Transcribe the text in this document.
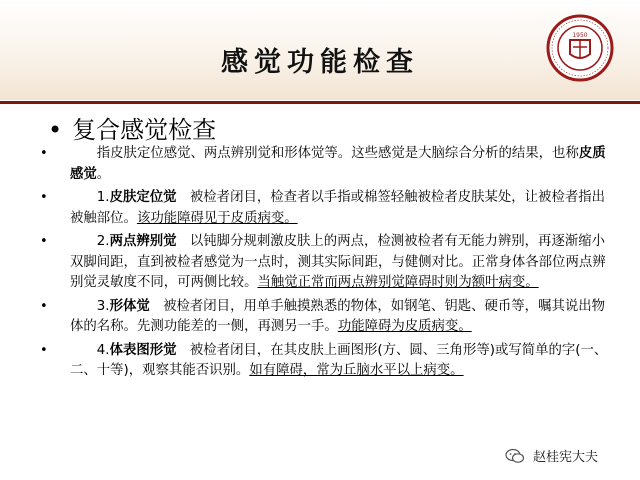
感觉功能检查
1950
• 复合感觉检查
•
  	指皮肤定位感觉、两点辨别觉和形体觉等。这些感觉是大脑综合分析的结果，也称皮质感觉。
•
  	1.皮肤定位觉  被检者闭目，检查者以手指或棉签轻触被检者皮肤某处，让被检者指出被触部位。该功能障碍见于皮质病变。
•
  	2.两点辨别觉  以钝脚分规刺激皮肤上的两点，检测被检者有无能力辨别，再逐渐缩小双脚间距，直到被检者感觉为一点时，测其实际间距，与健侧对比。正常身体各部位两点辨别觉灵敏度不同，可两侧比较。当触觉正常而两点辨别觉障碍时则为额叶病变。
•
  	3.形体觉  被检者闭目，用单手触摸熟悉的物体，如钢笔、钥匙、硬币等，嘱其说出物体的名称。先测功能差的一侧，再测另一手。功能障碍为皮质病变。
•
  	4.体表图形觉  被检者闭目，在其皮肤上画图形(方、圆、三角形等)或写简单的字(一、二、十等)，观察其能否识别。如有障碍，常为丘脑水平以上病变。
赵桂宪大夫
